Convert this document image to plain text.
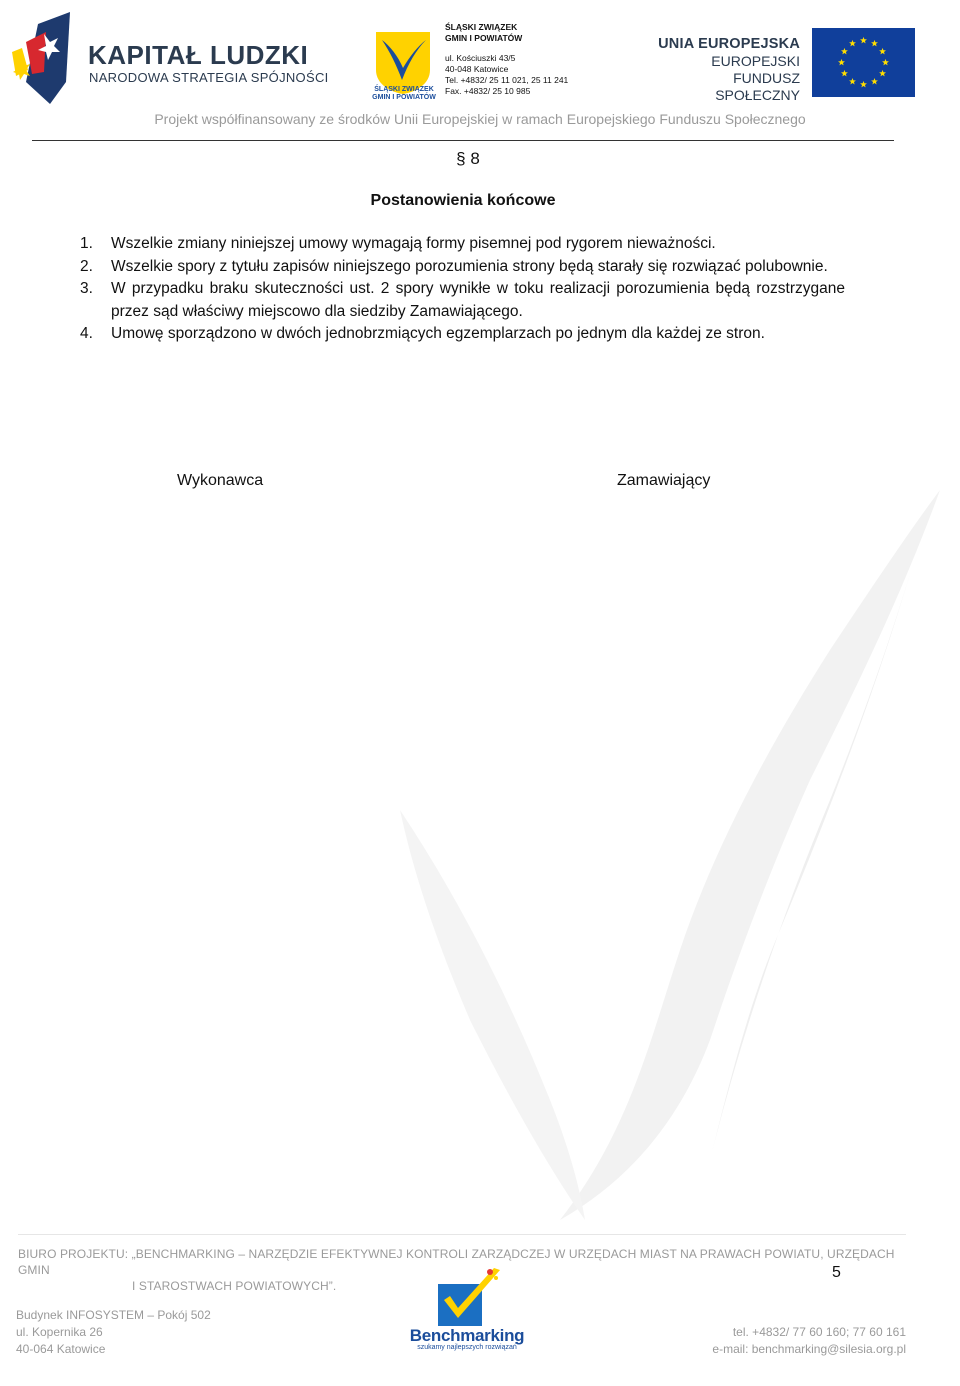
KAPITAŁ LUDZKI
NARODOWA STRATEGIA SPÓJNOŚCI
ŚLĄSKI ZWIĄZEK
GMIN I POWIATÓW
ŚLĄSKI ZWIĄZEK
GMIN I POWIATÓW
ul. Kościuszki 43/5
40-048 Katowice
Tel. +4832/ 25 11 021, 25 11 241
Fax. +4832/ 25 10 985
UNIA EUROPEJSKA
EUROPEJSKI
FUNDUSZ SPOŁECZNY
Projekt współfinansowany ze środków Unii Europejskiej w ramach Europejskiego Funduszu Społecznego
§ 8
Postanowienia końcowe
1. Wszelkie zmiany niniejszej umowy wymagają formy pisemnej pod rygorem nieważności.
2. Wszelkie spory z tytułu zapisów niniejszego porozumienia strony będą starały się rozwiązać polubownie.
3. W przypadku braku skuteczności ust. 2 spory wynikłe w toku realizacji porozumienia będą rozstrzygane przez sąd właściwy miejscowo dla siedziby Zamawiającego.
4. Umowę sporządzono w dwóch jednobrzmiących egzemplarzach po jednym dla każdej ze stron.
Wykonawca	Zamawiający
BIURO PROJEKTU: „BENCHMARKING – NARZĘDZIE EFEKTYWNEJ KONTROLI ZARZĄDCZEJ W URZĘDACH MIAST NA PRAWACH POWIATU, URZĘDACH GMIN
I STAROSTWACH POWIATOWYCH”.
5
Budynek INFOSYSTEM – Pokój 502
ul. Kopernika 26
40-064 Katowice
Benchmarking
szukamy najlepszych rozwiązań
tel. +4832/ 77 60 160; 77 60 161
e-mail: benchmarking@silesia.org.pl
